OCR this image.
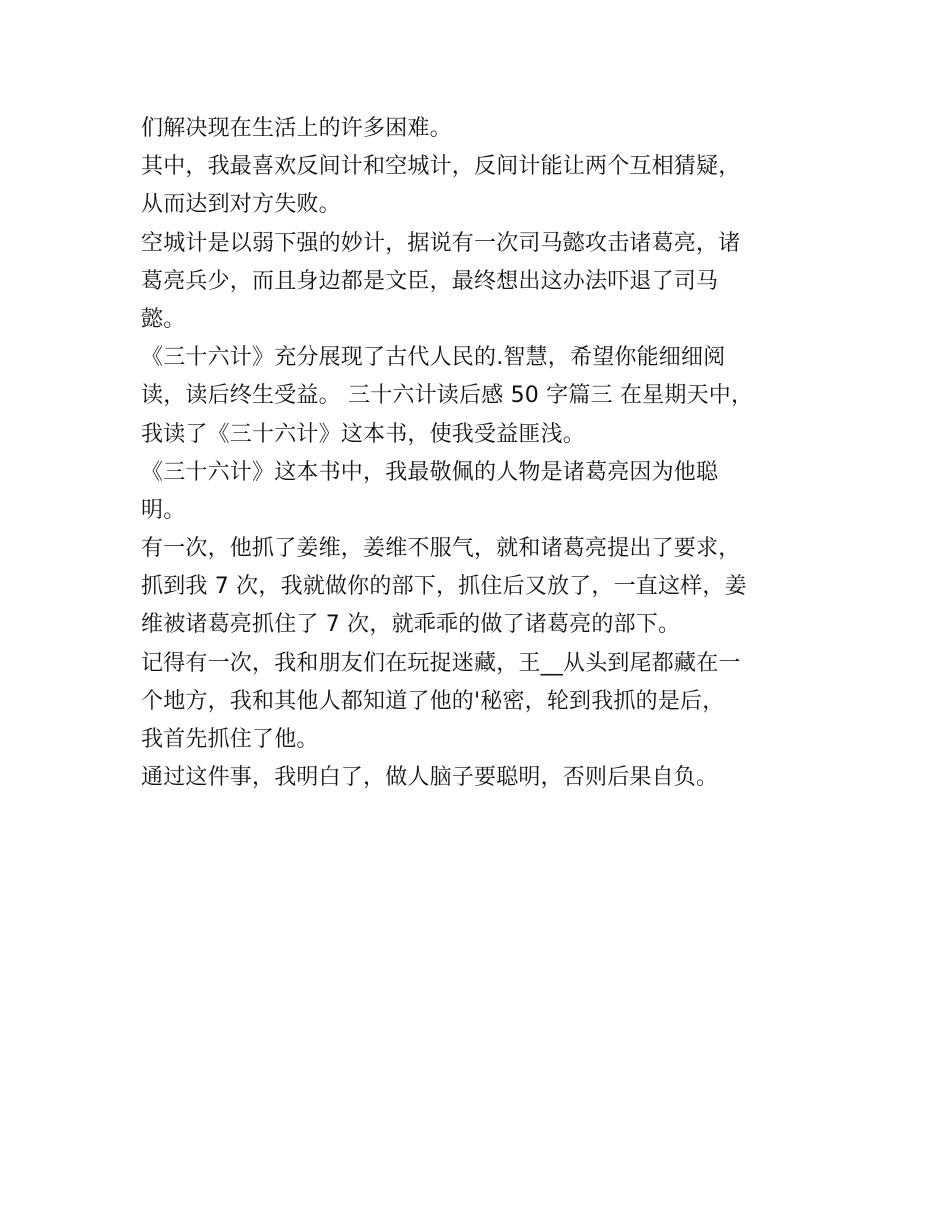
们解决现在生活上的许多困难。
其中，我最喜欢反间计和空城计，反间计能让两个互相猜疑，
从而达到对方失败。
空城计是以弱下强的妙计，据说有一次司马懿攻击诸葛亮，诸
葛亮兵少，而且身边都是文臣，最终想出这办法吓退了司马
懿。
《三十六计》充分展现了古代人民的.智慧，希望你能细细阅
读，读后终生受益。 三十六计读后感 50 字篇三 在星期天中，
我读了《三十六计》这本书，使我受益匪浅。
《三十六计》这本书中，我最敬佩的人物是诸葛亮因为他聪
明。
有一次，他抓了姜维，姜维不服气，就和诸葛亮提出了要求，
抓到我 7 次，我就做你的部下，抓住后又放了，一直这样，姜
维被诸葛亮抓住了 7 次，就乖乖的做了诸葛亮的部下。
记得有一次，我和朋友们在玩捉迷藏，王__从头到尾都藏在一
个地方，我和其他人都知道了他的'秘密，轮到我抓的是后，
我首先抓住了他。
通过这件事，我明白了，做人脑子要聪明，否则后果自负。
